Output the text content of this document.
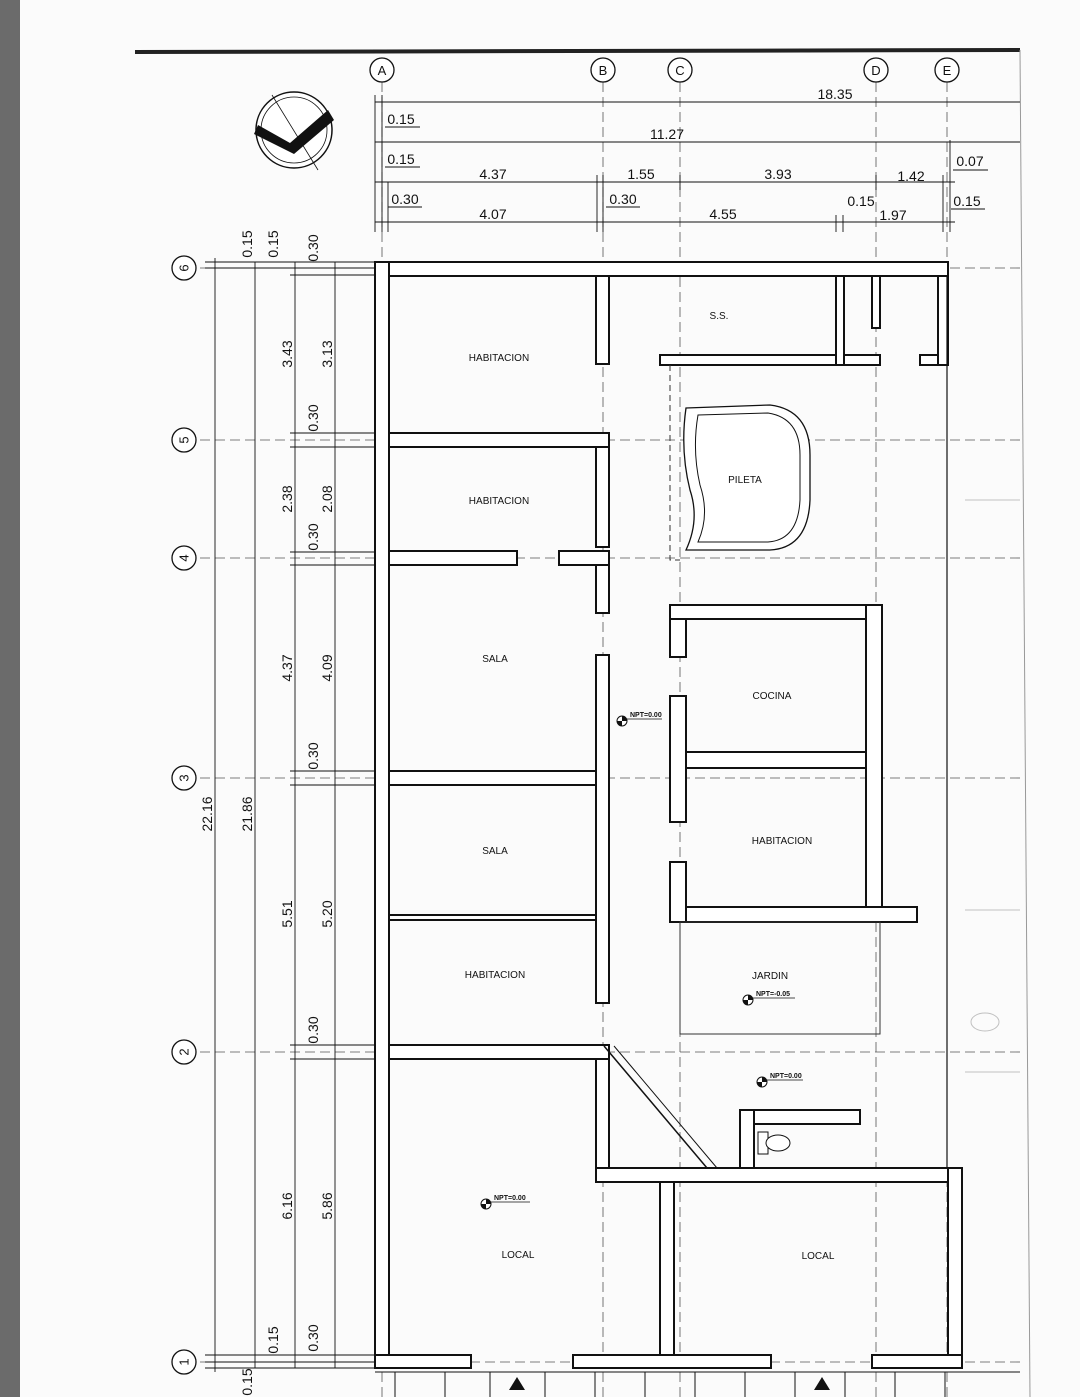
A	B	C	D	E
6
5
4
3
2
1
18.35
0.15
11.27
0.15
4.37	1.55	3.93	1.42
0.07
0.30
4.07
0.30
4.55
0.15
1.97
0.15
22.16 21.86
0.15 0.15 0.30
3.43 3.13
0.30
2.38 2.08
0.30
4.37 4.09
0.30
5.51 5.20
0.30
6.16 5.86
0.30
0.15
0.15
HABITACION
HABITACION
SALA
SALA
HABITACION
LOCAL
S.S.
PILETA
COCINA
HABITACION
JARDIN
LOCAL
NPT=0.00
NPT=-0.05
NPT=0.00
NPT=0.00
